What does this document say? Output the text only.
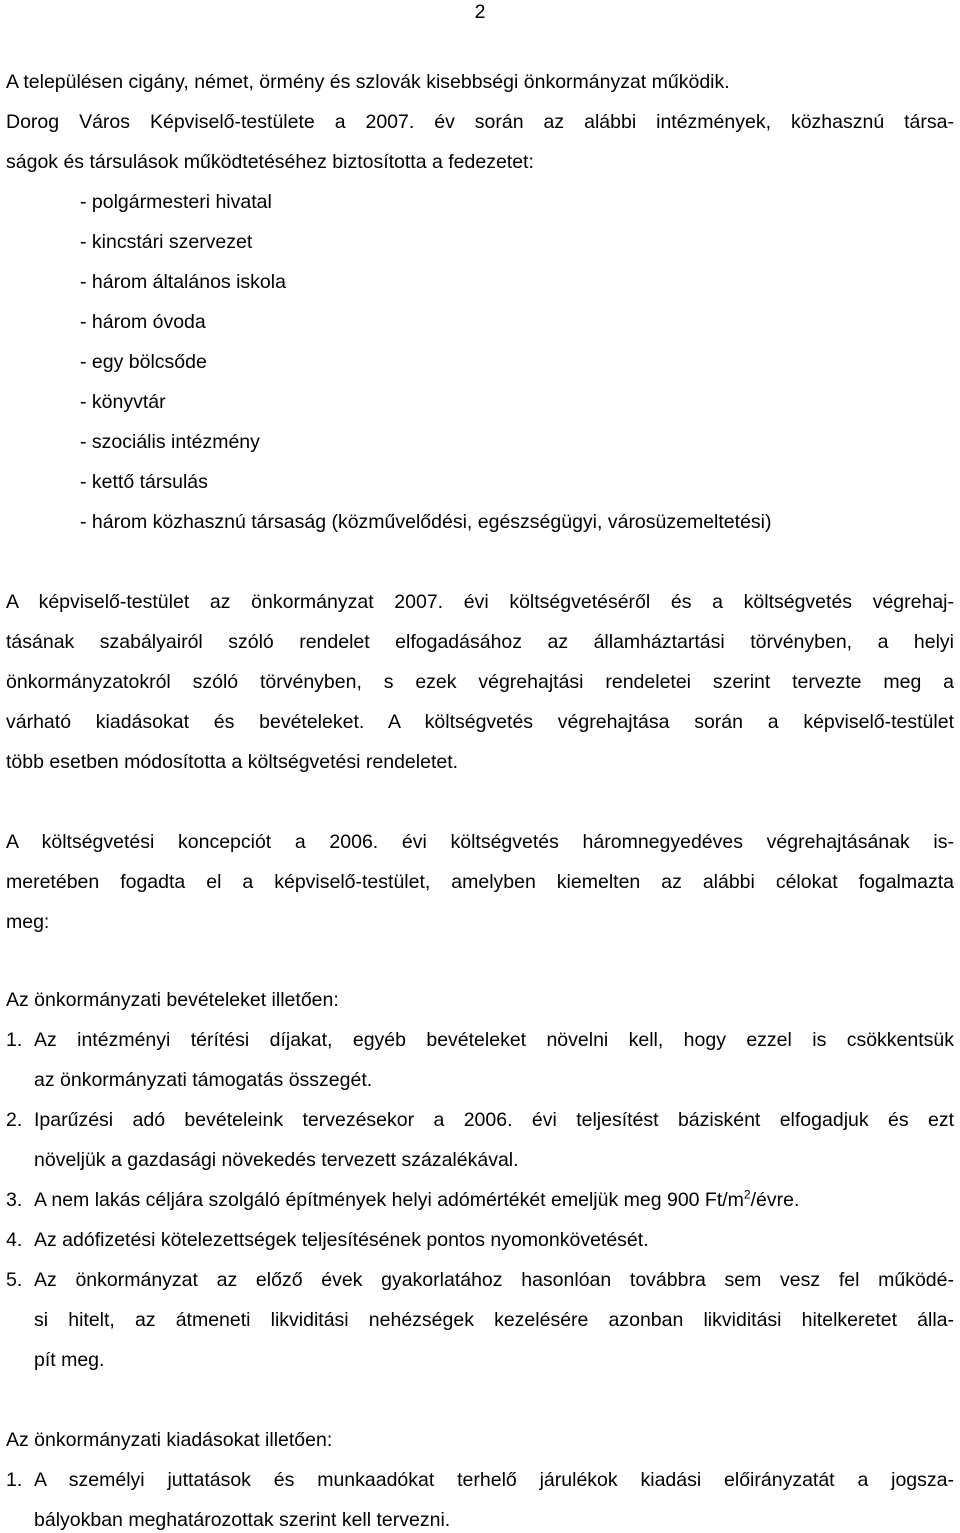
2
A településen cigány, német, örmény és szlovák kisebbségi önkormányzat működik.
Dorog Város Képviselő-testülete a 2007. év során az alábbi intézmények, közhasznú társa-
ságok és társulások működtetéséhez biztosította a fedezetet:
- polgármesteri hivatal
- kincstári szervezet
- három általános iskola
- három óvoda
- egy bölcsőde
- könyvtár
- szociális intézmény
- kettő társulás
- három közhasznú társaság (közművelődési, egészségügyi, városüzemeltetési)
A képviselő-testület az önkormányzat 2007. évi költségvetéséről és a költségvetés végrehaj-
tásának szabályairól szóló rendelet elfogadásához az államháztartási törvényben, a helyi
önkormányzatokról szóló törvényben, s ezek végrehajtási rendeletei szerint tervezte meg a
várható kiadásokat és bevételeket. A költségvetés végrehajtása során a képviselő-testület
több esetben módosította a költségvetési rendeletet.
A költségvetési koncepciót a 2006. évi költségvetés háromnegyedéves végrehajtásának is-
meretében fogadta el a képviselő-testület, amelyben kiemelten az alábbi célokat fogalmazta
meg:
Az önkormányzati bevételeket illetően:
1. Az intézményi térítési díjakat, egyéb bevételeket növelni kell, hogy ezzel is csökkentsük
az önkormányzati támogatás összegét.
2. Iparűzési adó bevételeink tervezésekor a 2006. évi teljesítést bázisként elfogadjuk és ezt
növeljük a gazdasági növekedés tervezett százalékával.
3. A nem lakás céljára szolgáló építmények helyi adómértékét emeljük meg 900 $Ft/m^2$/évre.
4. Az adófizetési kötelezettségek teljesítésének pontos nyomonkövetését.
5. Az önkormányzat az előző évek gyakorlatához hasonlóan továbbra sem vesz fel működé-
si hitelt, az átmeneti likviditási nehézségek kezelésére azonban likviditási hitelkeretet álla-
pít meg.
Az önkormányzati kiadásokat illetően:
1. A személyi juttatások és munkaadókat terhelő járulékok kiadási előirányzatát a jogsza-
bályokban meghatározottak szerint kell tervezni.
